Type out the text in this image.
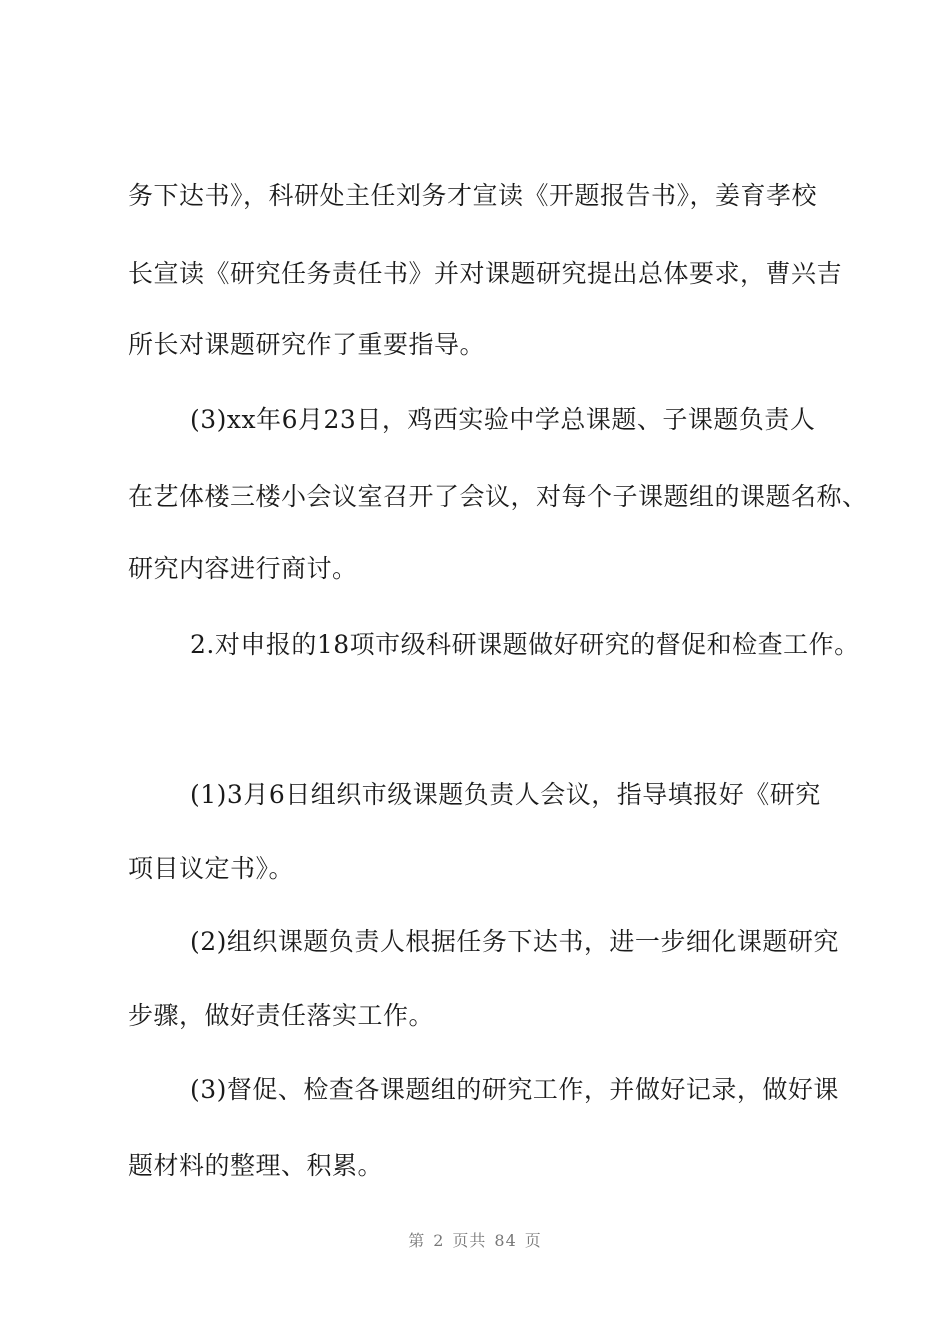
务下达书》，科研处主任刘务才宣读《开题报告书》，姜育孝校
长宣读《研究任务责任书》并对课题研究提出总体要求，曹兴吉
所长对课题研究作了重要指导。
(3)xx年6月23日，鸡西实验中学总课题、子课题负责人
在艺体楼三楼小会议室召开了会议，对每个子课题组的课题名称、
研究内容进行商讨。
2.对申报的18项市级科研课题做好研究的督促和检查工作。
(1)3月6日组织市级课题负责人会议，指导填报好《研究
项目议定书》。
(2)组织课题负责人根据任务下达书，进一步细化课题研究
步骤，做好责任落实工作。
(3)督促、检查各课题组的研究工作，并做好记录，做好课
题材料的整理、积累。
第 2 页共 84 页
